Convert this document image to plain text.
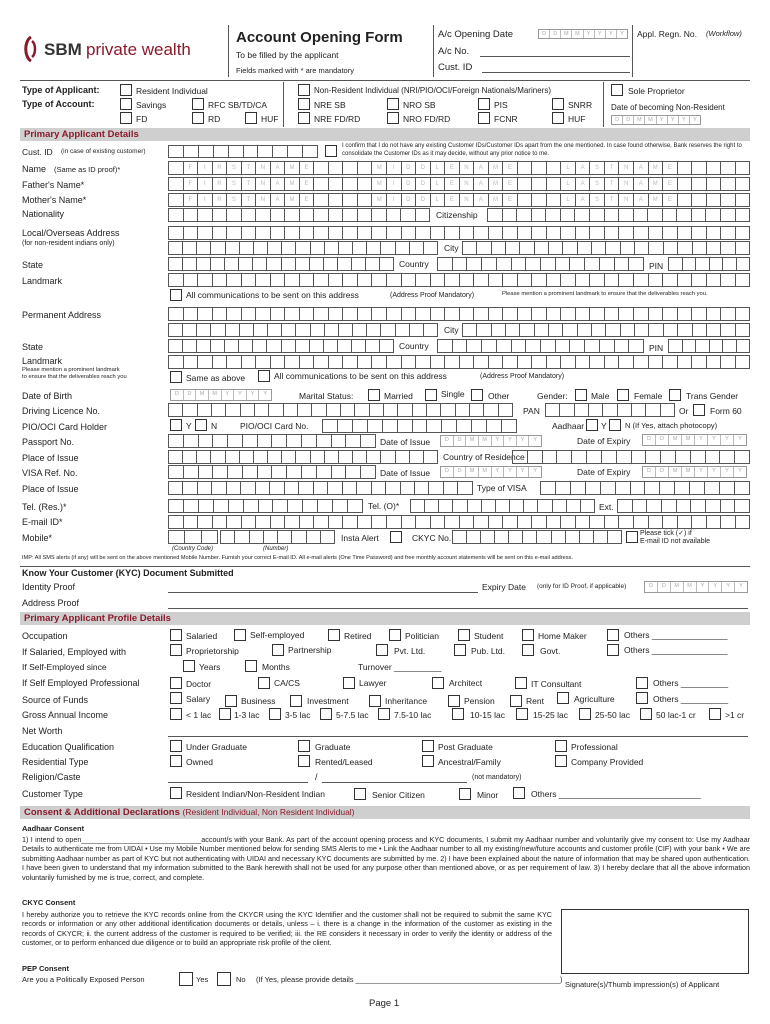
SBM private wealth
Account Opening Form
To be filled by the applicant
Fields marked with * are mandatory
A/c Opening Date	D	D	M	M	Y	Y	Y	Y
A/c No.
Cust. ID
Appl. Regn. No. (Workflow)
Type of Applicant:
Type of Account:
Resident Individual
Savings	RFC SB/TD/CA
FD	RD	HUF
Non-Resident Individual (NRI/PIO/OCI/Foreign Nationals/Mariners)
NRE SB	NRO SB	PIS	SNRR
NRE FD/RD	NRO FD/RD	FCNR	HUF
Sole Proprietor
Date of becoming Non-Resident
D	D	M	M	Y	Y	Y	Y
Primary Applicant Details
Cust. ID (in case of existing customer)
I confirm that I do not have any existing Customer IDs/Customer IDs apart from the one mentioned. In case found otherwise, Bank reserves the right to consolidate the Customer IDs as it may decide, without any prior notice to me.
Name (Same as ID proof)*	F	I	R	S	T	N	A	M	E	M	I	D	D	L	E	N	A	M	E	L	A	S	T	N	A	M	E
Father's Name*	F	I	R	S	T	N	A	M	E	M	I	D	D	L	E	N	A	M	E	L	A	S	T	N	A	M	E
Mother's Name*	F	I	R	S	T	N	A	M	E	M	I	D	D	L	E	N	A	M	E	L	A	S	T	N	A	M	E
Nationality	Citizenship
Local/Overseas Address
(for non-resident indians only)	City
State	Country	PIN
Landmark
All communications to be sent on this address	(Address Proof Mandatory)	Please mention a prominent landmark to ensure that the deliverables reach you.
Permanent Address
City
State	Country	PIN
Landmark
Please mention a prominent landmark
to ensure that the deliverables reach you	Same as above	All communications to be sent on this address	(Address Proof Mandatory)
Date of Birth	D	D	M	M	Y	Y	Y	Y	Marital Status:	Married	Single	Other	Gender:	Male	Female	Trans Gender
Driving Licence No.	PAN	Or	Form 60
PIO/OCI Card Holder	Y N	PIO/OCI Card No.	Aadhaar Y N (If Yes, attach photocopy)
Passport No.	Date of Issue	D	D	M	M	Y	Y	Y	Y	Date of Expiry	D	D	M	M	Y	Y	Y	Y
Place of Issue	Country of Residence
VISA Ref. No.	Date of Issue	D	D	M	M	Y	Y	Y	Y	Date of Expiry	D	D	M	M	Y	Y	Y	Y
Place of Issue	Type of VISA
Tel. (Res.)*	Tel. (O)*	Ext.
E-mail ID*
Mobile*	Insta Alert	CKYC No.	Please tick (✓) if
E-mail ID not available
(Country Code)	(Number)
IMP: All SMS alerts (if any) will be sent on the above mentioned Mobile Number. Furnish your correct E-mail ID. All e-mail alerts (One Time Password) and free monthly account statements will be sent on this e-mail address.
Know Your Customer (KYC) Document Submitted
Identity Proof	Expiry Date (only for ID Proof, if applicable)	D	D	M	M	Y	Y	Y	Y
Address Proof
Primary Applicant Profile Details
Occupation	Salaried	Self-employed	Retired	Politician	Student	Home Maker	Others ________________
If Salaried, Employed with	Proprietorship	Partnership	Pvt. Ltd.	Pub. Ltd.	Govt.	Others ________________
If Self-Employed since	Years	Months	Turnover __________
If Self Employed Professional	Doctor	CA/CS	Lawyer	Architect	IT Consultant	Others __________
Source of Funds	Salary	Business	Investment	Inheritance	Pension	Rent	Agriculture	Others __________
Gross Annual Income	< 1 lac	1-3 lac	3-5 lac	5-7.5 lac	7.5-10 lac	10-15 lac	15-25 lac	25-50 lac	50 lac-1 cr	>1 cr
Net Worth
Education Qualification	Under Graduate	Graduate	Post Graduate	Professional
Residential Type	Owned	Rented/Leased	Ancestral/Family	Company Provided
Religion/Caste	/	(not mandatory)
Customer Type	Resident Indian/Non-Resident Indian	Senior Citizen	Minor	Others ______________________________
Consent & Additional Declarations (Resident Individual, Non Resident Individual)
Aadhaar Consent
1) I intend to open______________________________account/s with your Bank. As part of the account opening process and KYC documents, I submit my Aadhaar number and voluntarily give my consent to: Use my Aadhaar Details to authenticate me from UIDAI • Use my Mobile Number mentioned below for sending SMS Alerts to me • Link the Aadhaar number to all my existing/new/future accounts and customer profile (CIF) with your bank • We are submitting Aadhaar number as part of KYC but not authenticating with UIDAI and necessary KYC documents are submitted by me. 2) I have been explained about the nature of information that may be shared upon authentication. I have been given to understand that my information submitted to the Bank herewith shall not be used for any purpose other than mentioned above, or as per requirement of law. 3) I hereby declare that all the above information voluntarily furnished by me is true, correct, and complete.
CKYC Consent
I hereby authorize you to retrieve the KYC records online from the CKYCR using the KYC Identifier and the customer shall not be required to submit the same KYC records or information or any other additional identification documents or details, unless – i. there is a change in the information of the customer as existing in the records of CKYCR; ii. the current address of the customer is required to be verified; iii. the RE considers it necessary in order to verify the identity or address of the customer, or to perform enhanced due diligence or to build an appropriate risk profile of the client.
PEP Consent
Are you a Politically Exposed Person	Yes	No (If Yes, please provide details _________________________________________________)
Signature(s)/Thumb impression(s) of Applicant
Page 1
